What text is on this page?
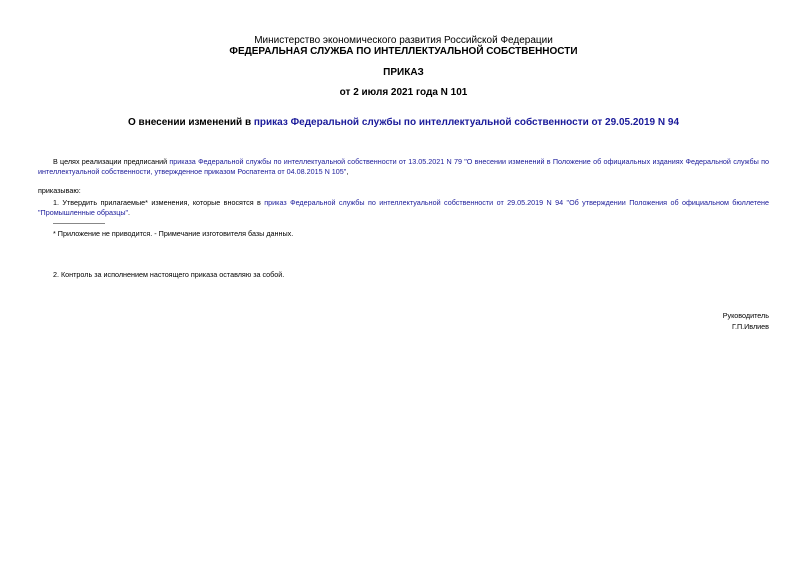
Министерство экономического развития Российской Федерации
ФЕДЕРАЛЬНАЯ СЛУЖБА ПО ИНТЕЛЛЕКТУАЛЬНОЙ СОБСТВЕННОСТИ
ПРИКАЗ
от 2 июля 2021 года N 101
О внесении изменений в приказ Федеральной службы по интеллектуальной собственности от 29.05.2019 N 94
В целях реализации предписаний приказа Федеральной службы по интеллектуальной собственности от 13.05.2021 N 79 "О внесении изменений в Положение об официальных изданиях Федеральной службы по интеллектуальной собственности, утвержденное приказом Роспатента от 04.08.2015 N 105",
приказываю:
1. Утвердить прилагаемые* изменения, которые вносятся в приказ Федеральной службы по интеллектуальной собственности от 29.05.2019 N 94 "Об утверждении Положения об официальном бюллетене "Промышленные образцы".
* Приложение не приводится. - Примечание изготовителя базы данных.
2. Контроль за исполнением настоящего приказа оставляю за собой.
Руководитель
Г.П.Ивлиев
